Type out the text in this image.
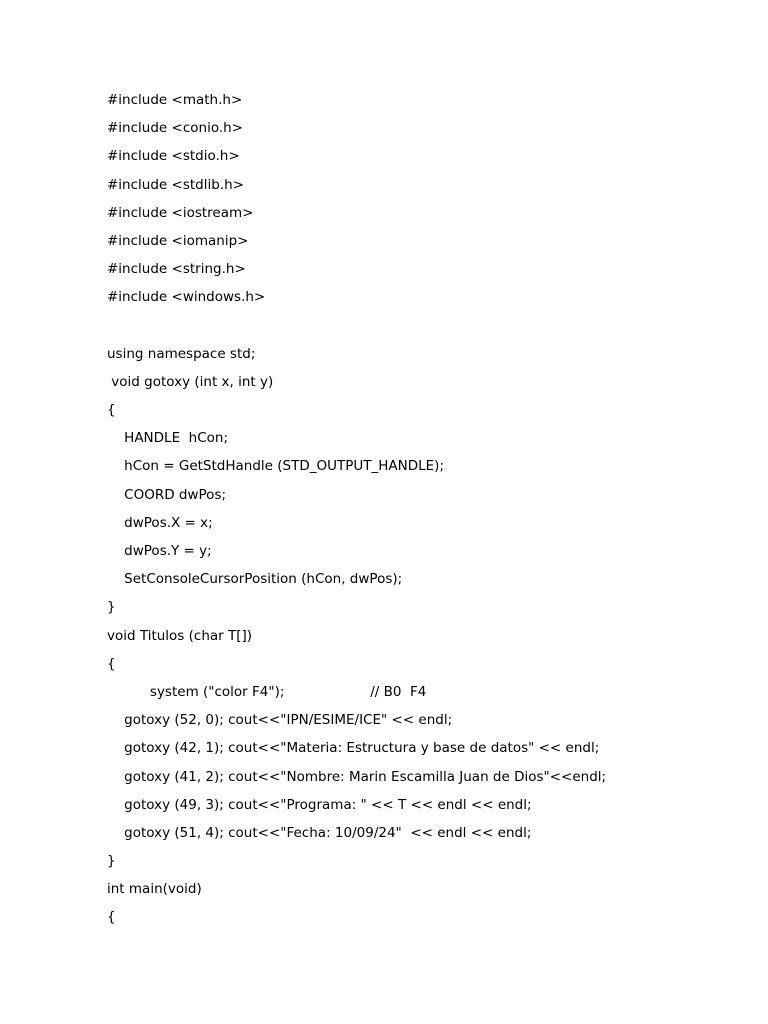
#include <math.h>
#include <conio.h>
#include <stdio.h>
#include <stdlib.h>
#include <iostream>
#include <iomanip>
#include <string.h>
#include <windows.h>
using namespace std;
void gotoxy (int x, int y)
{
HANDLE  hCon;
hCon = GetStdHandle (STD_OUTPUT_HANDLE);
COORD dwPos;
dwPos.X = x;
dwPos.Y = y;
SetConsoleCursorPosition (hCon, dwPos);
}
void Titulos (char T[])
{
system ("color F4");                    // B0  F4
gotoxy (52, 0); cout<<"IPN/ESIME/ICE" << endl;
gotoxy (42, 1); cout<<"Materia: Estructura y base de datos" << endl;
gotoxy (41, 2); cout<<"Nombre: Marin Escamilla Juan de Dios"<<endl;
gotoxy (49, 3); cout<<"Programa: " << T << endl << endl;
gotoxy (51, 4); cout<<"Fecha: 10/09/24"  << endl << endl;
}
int main(void)
{
